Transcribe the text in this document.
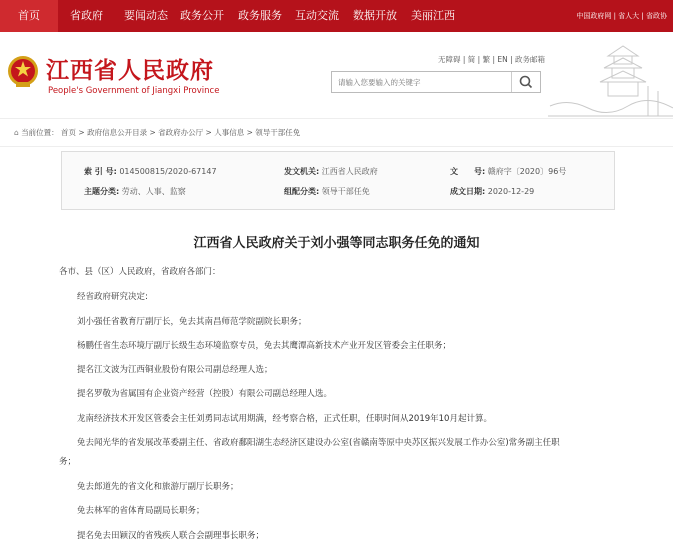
首页	省政府 要闻动态 政务公开 政务服务 互动交流 数据开放 美丽江西	中国政府网 | 省人大 | 省政协
江西省人民政府
People's Government of Jiangxi Province
无障碍 | 简 | 繁 | EN | 政务邮箱
请输入您要输入的关键字
⌂ 当前位置： 首页 > 政府信息公开目录 > 省政府办公厅 > 人事信息 > 领导干部任免
索 引 号: 014500815/2020-67147	发文机关: 江西省人民政府	文　　号: 赣府字〔2020〕96号
主题分类: 劳动、人事、监察	组配分类: 领导干部任免	成文日期: 2020-12-29
江西省人民政府关于刘小强等同志职务任免的通知
各市、县（区）人民政府，省政府各部门：
经省政府研究决定:
刘小强任省教育厅副厅长，免去其南昌师范学院副院长职务；
杨鹏任省生态环境厅副厅长级生态环境监察专员，免去其鹰潭高新技术产业开发区管委会主任职务；
提名江文波为江西铜业股份有限公司副总经理人选；
提名罗敬为省属国有企业资产经营（控股）有限公司副总经理人选。
龙南经济技术开发区管委会主任刘勇同志试用期满，经考察合格，正式任职，任职时间从2019年10月起计算。
免去闻光华的省发展改革委副主任、省政府鄱阳湖生态经济区建设办公室(省赣南等原中央苏区振兴发展工作办公室)常务副主任职
务；
免去郎道先的省文化和旅游厅副厅长职务；
免去林军的省体育局副局长职务；
提名免去田颖汉的省残疾人联合会副理事长职务；
